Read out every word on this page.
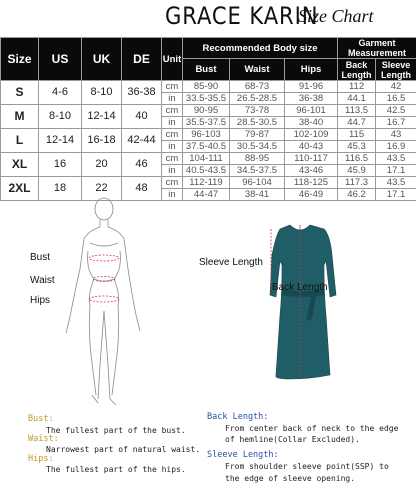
GRACE KARIN
Size Chart
Size	US	UK	DE	Unit	Recommended Body size			Garment Measurement	
					Bust	Waist	Hips	Back Length	Sleeve Length
S	4-6	8-10	36-38	cm	85-90	68-73	91-96	112	42
				in	33.5-35.5	26.5-28.5	36-38	44.1	16.5
M	8-10	12-14	40	cm	90-95	73-78	96-101	113.5	42.5
				in	35.5-37.5	28.5-30.5	38-40	44.7	16.7
L	12-14	16-18	42-44	cm	96-103	79-87	102-109	115	43
				in	37.5-40.5	30.5-34.5	40-43	45.3	16.9
XL	16	20	46	cm	104-111	88-95	110-117	116.5	43.5
				in	40.5-43.5	34.5-37.5	43-46	45.9	17.1
2XL	18	22	48	cm	112-119	96-104	118-125	117.3	43.5
				in	44-47	38-41	46-49	46.2	17.1
Bust
Waist
Hips
Sleeve Length
Back Length
Bust:
The fullest part of the bust.
Waist:
Narrowest part of natural waist.
Hips:
The fullest part of the hips.
Back Length:
From center back of neck to the edge
of hemline(Collar Excluded).
Sleeve Length:
From shoulder sleeve point(SSP) to
the edge of sleeve opening.
